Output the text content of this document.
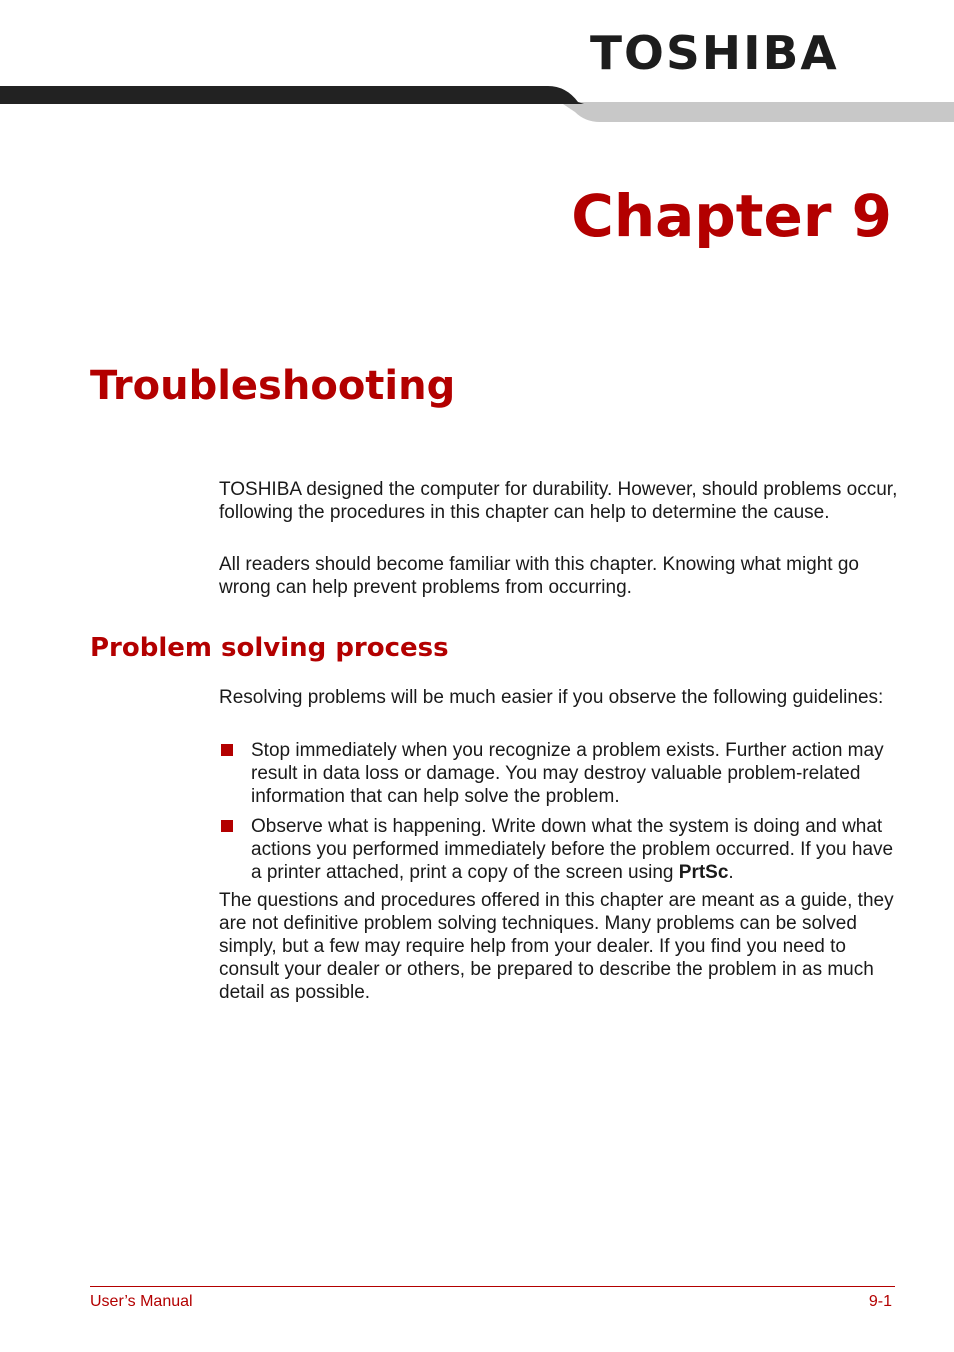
TOSHIBA
Chapter 9
Troubleshooting

TOSHIBA designed the computer for durability. However, should problems occur, following the procedures in this chapter can help to determine the cause.

All readers should become familiar with this chapter. Knowing what might go wrong can help prevent problems from occurring.

Problem solving process

Resolving problems will be much easier if you observe the following guidelines:

Stop immediately when you recognize a problem exists. Further action may result in data loss or damage. You may destroy valuable problem-related information that can help solve the problem.
Observe what is happening. Write down what the system is doing and what actions you performed immediately before the problem occurred. If you have a printer attached, print a copy of the screen using PrtSc.

The questions and procedures offered in this chapter are meant as a guide, they are not definitive problem solving techniques. Many problems can be solved simply, but a few may require help from your dealer. If you find you need to consult your dealer or others, be prepared to describe the problem in as much detail as possible.

User’s Manual	9-1
